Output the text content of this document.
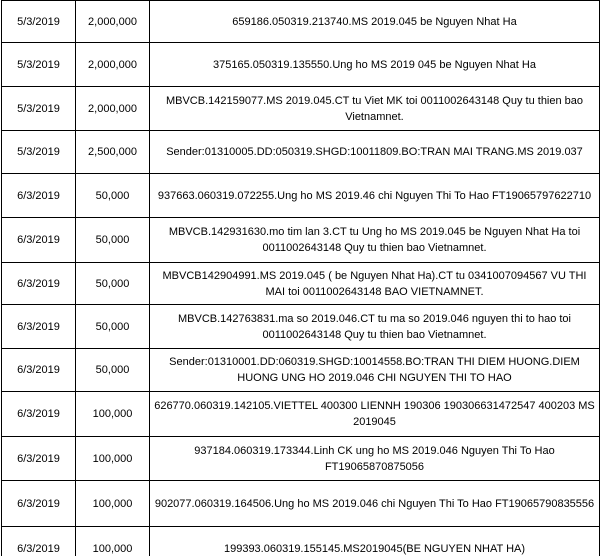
5/3/2019	2,000,000	659186.050319.213740.MS 2019.045 be Nguyen Nhat Ha
5/3/2019	2,000,000	375165.050319.135550.Ung ho MS 2019 045 be Nguyen Nhat Ha
5/3/2019	2,000,000	MBVCB.142159077.MS 2019.045.CT tu Viet MK toi 0011002643148 Quy tu thien bao Vietnamnet.
5/3/2019	2,500,000	Sender:01310005.DD:050319.SHGD:10011809.BO:TRAN MAI TRANG.MS 2019.037
6/3/2019	50,000	937663.060319.072255.Ung ho MS 2019.46 chi Nguyen Thi To Hao FT19065797622710
6/3/2019	50,000	MBVCB.142931630.mo tim lan 3.CT tu Ung ho MS 2019.045 be Nguyen Nhat Ha toi 0011002643148 Quy tu thien bao Vietnamnet.
6/3/2019	50,000	MBVCB142904991.MS 2019.045 ( be Nguyen Nhat Ha).CT tu 0341007094567 VU THI MAI toi 0011002643148 BAO VIETNAMNET.
6/3/2019	50,000	MBVCB.142763831.ma so 2019.046.CT tu ma so 2019.046 nguyen thi to hao toi 0011002643148 Quy tu thien bao Vietnamnet.
6/3/2019	50,000	Sender:01310001.DD:060319.SHGD:10014558.BO:TRAN THI DIEM HUONG.DIEM HUONG UNG HO 2019.046 CHI NGUYEN THI TO HAO
6/3/2019	100,000	626770.060319.142105.VIETTEL 400300 LIENNH 190306 190306631472547 400203 MS 2019045
6/3/2019	100,000	937184.060319.173344.Linh CK ung ho MS 2019.046 Nguyen Thi To Hao FT19065870875056
6/3/2019	100,000	902077.060319.164506.Ung ho MS 2019.046 chi Nguyen Thi To Hao FT19065790835556
6/3/2019	100,000	199393.060319.155145.MS2019045(BE NGUYEN NHAT HA)
